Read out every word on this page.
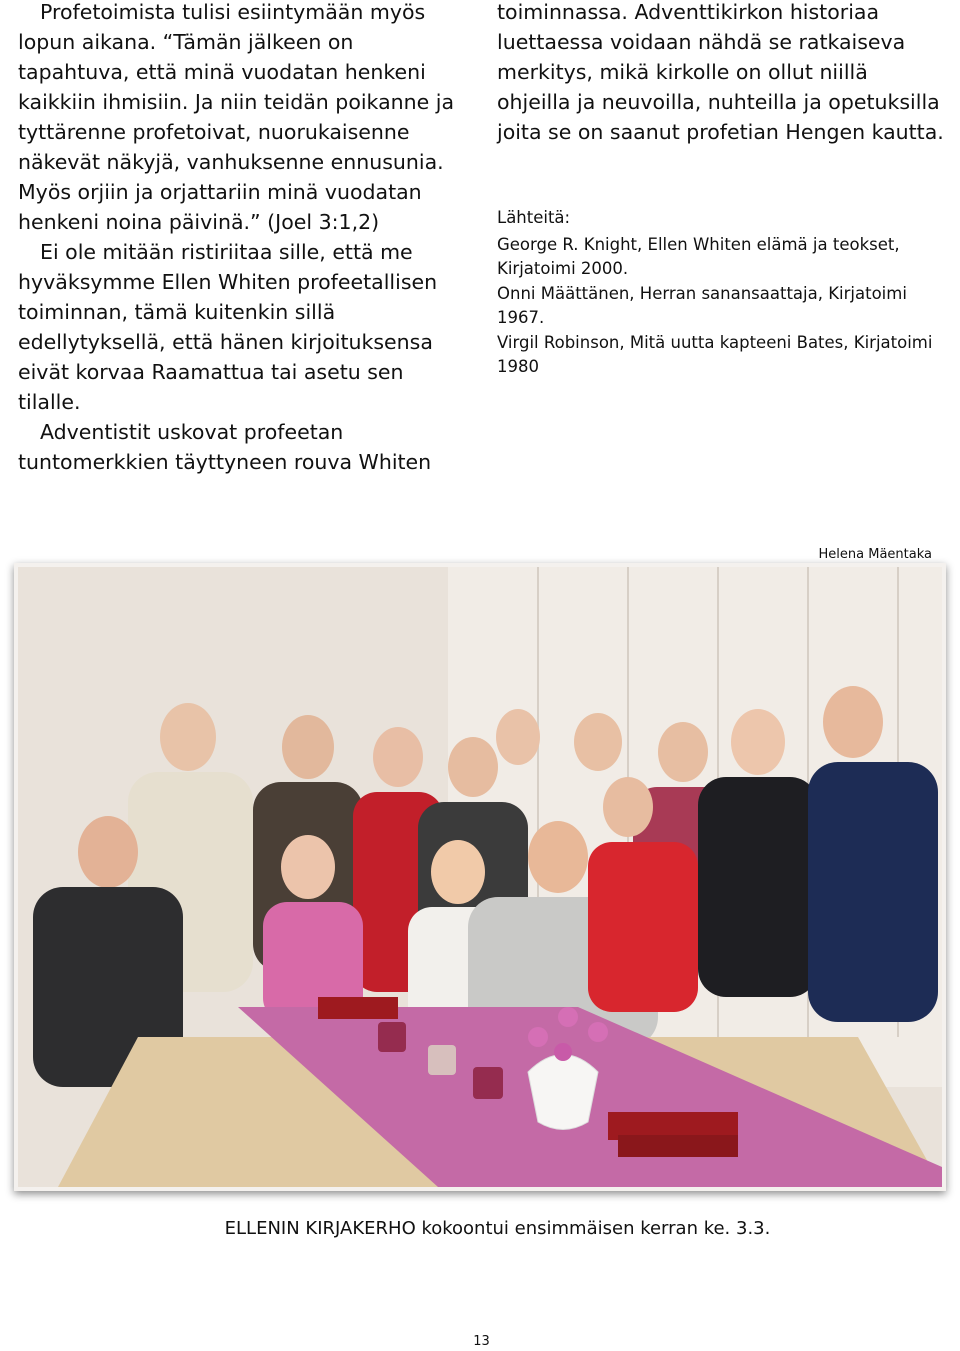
Profetoimista tulisi esiintymään myös lopun aikana. “Tämän jälkeen on tapahtuva, että minä vuodatan henkeni kaikkiin ihmisiin. Ja niin teidän poikanne ja tyttärenne profetoivat, nuorukaisenne näkevät näkyjä, vanhuksenne ennusunia. Myös orjiin ja orjattariin minä vuodatan henkeni noina päivinä.” (Joel 3:1,2)

Ei ole mitään ristiriitaa sille, että me hyväksymme Ellen Whiten profeetallisen toiminnan, tämä kuitenkin sillä edellytyksellä, että hänen kirjoituksensa eivät korvaa Raamattua tai asetu sen tilalle.

Adventistit uskovat profeetan tuntomerkkien täyttyneen rouva Whiten

toiminnassa. Adventtikirkon historiaa luettaessa voidaan nähdä se ratkaiseva merkitys, mikä kirkolle on ollut niillä ohjeilla ja neuvoilla, nuhteilla ja opetuksilla joita se on saanut profetian Hengen kautta.

Lähteitä:

George R. Knight, Ellen Whiten elämä ja teokset, Kirjatoimi 2000.

Onni Määttänen, Herran sanansaattaja, Kirjatoimi 1967.

Virgil Robinson, Mitä uutta kapteeni Bates, Kirjatoimi 1980

Helena Mäentaka
ELLENIN KIRJAKERHO kokoontui ensimmäisen kerran ke. 3.3.
13
